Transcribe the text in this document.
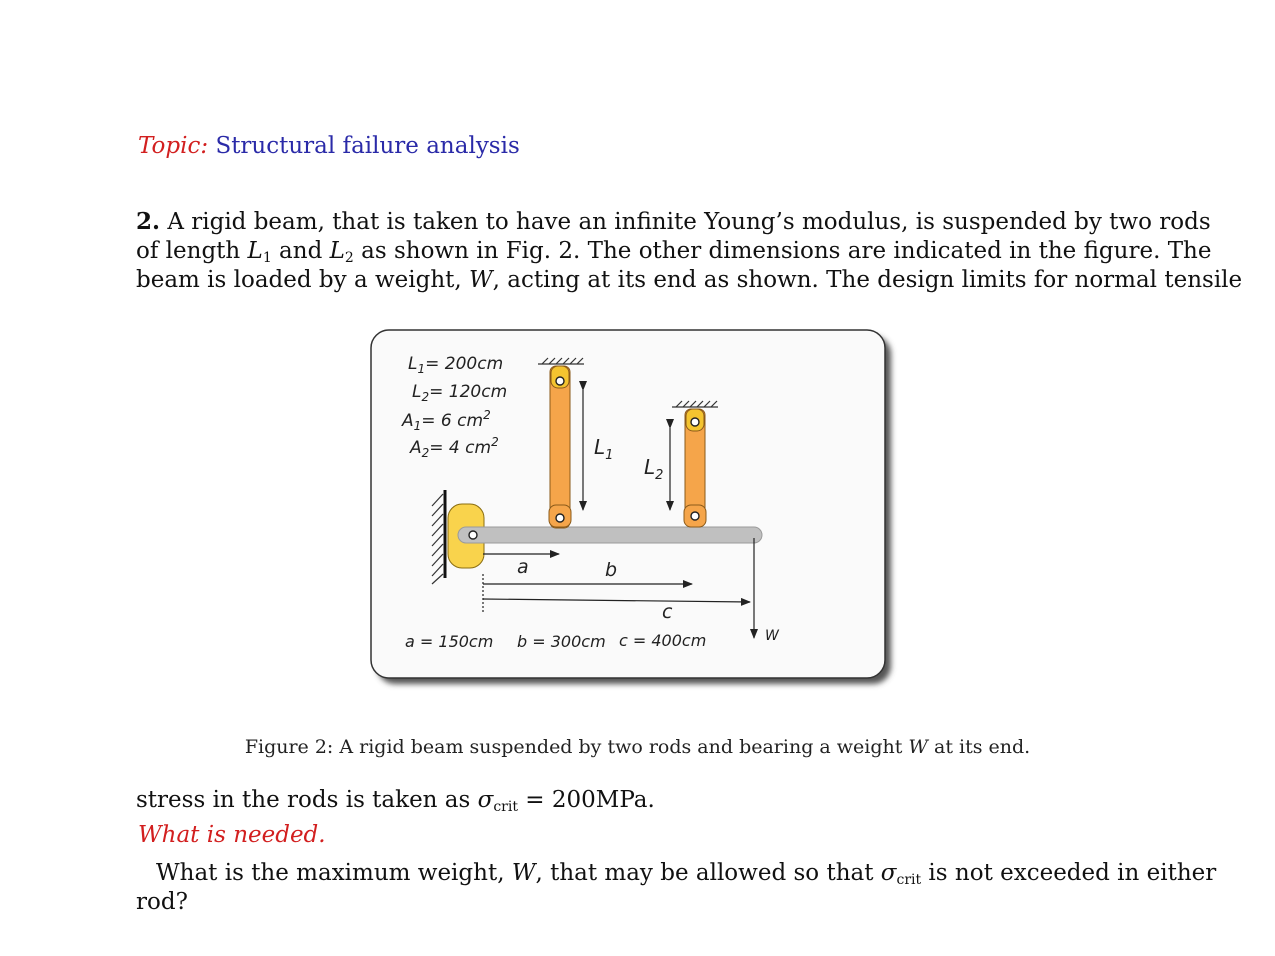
Topic: Structural failure analysis
2. A rigid beam, that is taken to have an infinite Young’s modulus, is suspended by two rods
of length $L_1$ and $L_2$ as shown in Fig. 2. The other dimensions are indicated in the figure. The
beam is loaded by a weight, W, acting at its end as shown. The design limits for normal tensile
$L_1= 200cm$
$L_2= 120cm$
$A_1= 6$ $cm^2$
$A_2= 4$ $cm^2$	$L_1$ $L_2$
a	b
c
W
a = 150cm b = 300cm c = 400cm
Figure 2: A rigid beam suspended by two rods and bearing a weight W at its end.
stress in the rods is taken as $\sigma_{crit} = 200MPa$.
What is needed.
What is the maximum weight, W, that may be allowed so that $\sigma_{crit}$ is not exceeded in either
rod?
